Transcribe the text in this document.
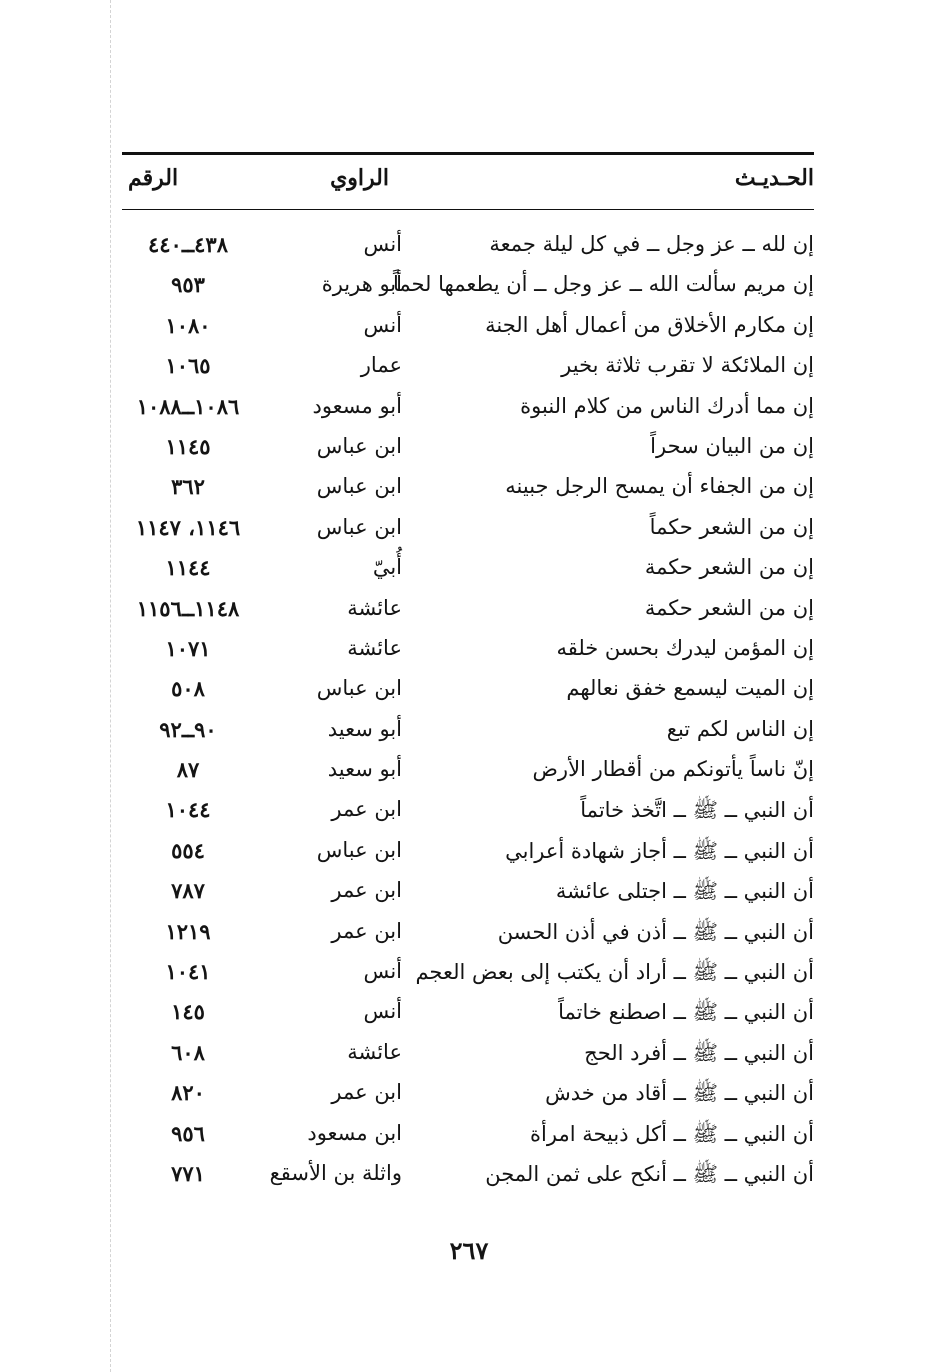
الحـديـث
الراوي
الرقم
إن لله ــ عز وجل ــ في كل ليلة جمعة
أنس
٤٣٨ــ٤٤٠
إن مريم سألت الله ــ عز وجل ــ أن يطعمها لحماً
أبو هريرة
٩٥٣
إن مكارم الأخلاق من أعمال أهل الجنة
أنس
١٠٨٠
إن الملائكة لا تقرب ثلاثة بخير
عمار
١٠٦٥
إن مما أدرك الناس من كلام النبوة
أبو مسعود
١٠٨٦ــ١٠٨٨
إن من البيان سحراً
ابن عباس
١١٤٥
إن من الجفاء أن يمسح الرجل جبينه
ابن عباس
٣٦٢
إن من الشعر حكماً
ابن عباس
١١٤٦، ١١٤٧
إن من الشعر حكمة
أُبيّ
١١٤٤
إن من الشعر حكمة
عائشة
١١٤٨ــ١١٥٦
إن المؤمن ليدرك بحسن خلقه
عائشة
١٠٧١
إن الميت ليسمع خفق نعالهم
ابن عباس
٥٠٨
إن الناس لكم تبع
أبو سعيد
٩٠ــ٩٢
إنّ ناساً يأتونكم من أقطار الأرض
أبو سعيد
٨٧
أن النبي ــ ﷺ ــ اتَّخذ خاتماً
ابن عمر
١٠٤٤
أن النبي ــ ﷺ ــ أجاز شهادة أعرابي
ابن عباس
٥٥٤
أن النبي ــ ﷺ ــ اجتلى عائشة
ابن عمر
٧٨٧
أن النبي ــ ﷺ ــ أذن في أذن الحسن
ابن عمر
١٢١٩
أن النبي ــ ﷺ ــ أراد أن يكتب إلى بعض العجم
أنس
١٠٤١
أن النبي ــ ﷺ ــ اصطنع خاتماً
أنس
١٤٥
أن النبي ــ ﷺ ــ أفرد الحج
عائشة
٦٠٨
أن النبي ــ ﷺ ــ أقاد من خدش
ابن عمر
٨٢٠
أن النبي ــ ﷺ ــ أكل ذبيحة امرأة
ابن مسعود
٩٥٦
أن النبي ــ ﷺ ــ أنكح على ثمن المجن
واثلة بن الأسقع
٧٧١
٢٦٧
